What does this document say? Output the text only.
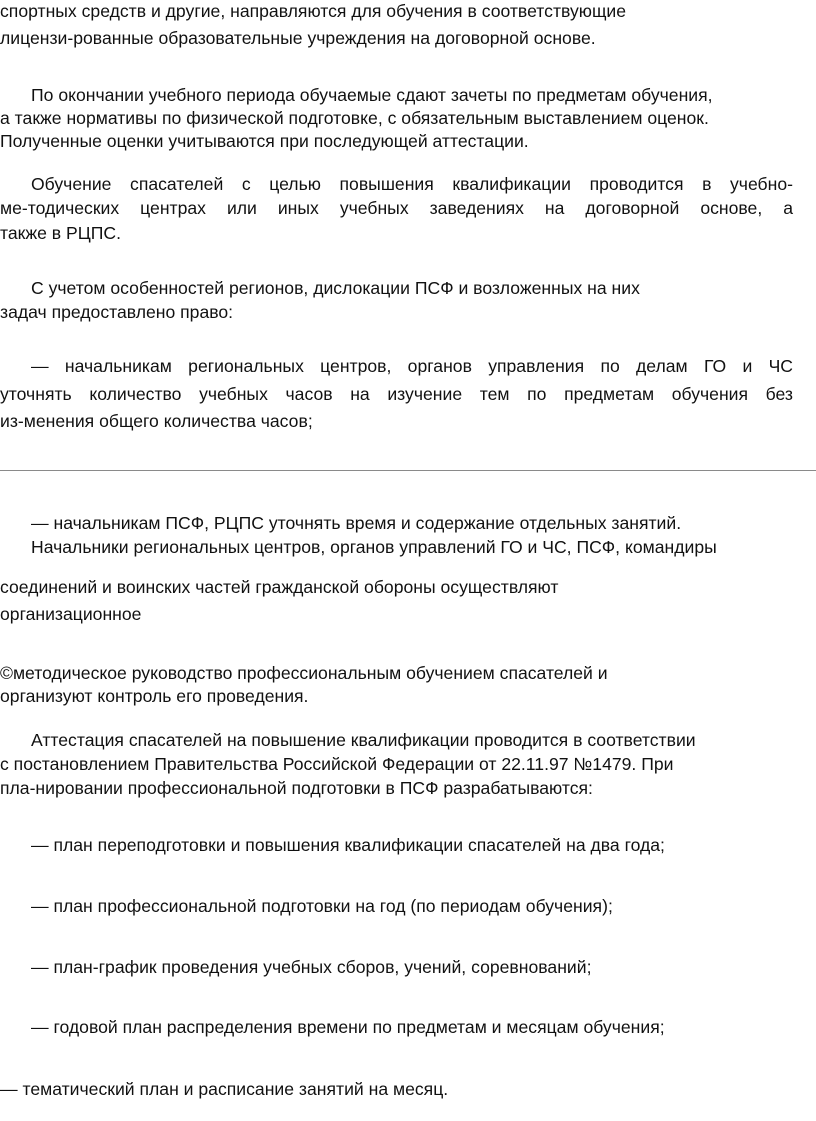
спортных средств и другие, направляются для обучения в соответствующие

лицензи-рованные образовательные учреждения на договорной основе.

По окончании учебного периода обучаемые сдают зачеты по предметам обучения,

а также нормативы по физической подготовке, с обязательным выставлением оценок.

Полученные оценки учитываются при последующей аттестации.

Обучение спасателей с целью повышения квалификации проводится в учебно-

ме-тодических центрах или иных учебных заведениях на договорной основе, а

также в РЦПС.

С учетом особенностей регионов, дислокации ПСФ и возложенных на них

задач предоставлено право:

— начальникам региональных центров, органов управления по делам ГО и ЧС

уточнять количество учебных часов на изучение тем по предметам обучения без

из-менения общего количества часов;

— начальникам ПСФ, РЦПС уточнять время и содержание отдельных занятий.

Начальники региональных центров, органов управлений ГО и ЧС, ПСФ, командиры

соединений и воинских частей гражданской обороны осуществляют

организационное

©методическое руководство профессиональным обучением спасателей и

организуют контроль его проведения.

Аттестация спасателей на повышение квалификации проводится в соответствии

с постановлением Правительства Российской Федерации от 22.11.97 №1479. При

пла-нировании профессиональной подготовки в ПСФ разрабатываются:

— план переподготовки и повышения квалификации спасателей на два года;

— план профессиональной подготовки на год (по периодам обучения);

— план-график проведения учебных сборов, учений, соревнований;

— годовой план распределения времени по предметам и месяцам обучения;

— тематический план и расписание занятий на месяц.
